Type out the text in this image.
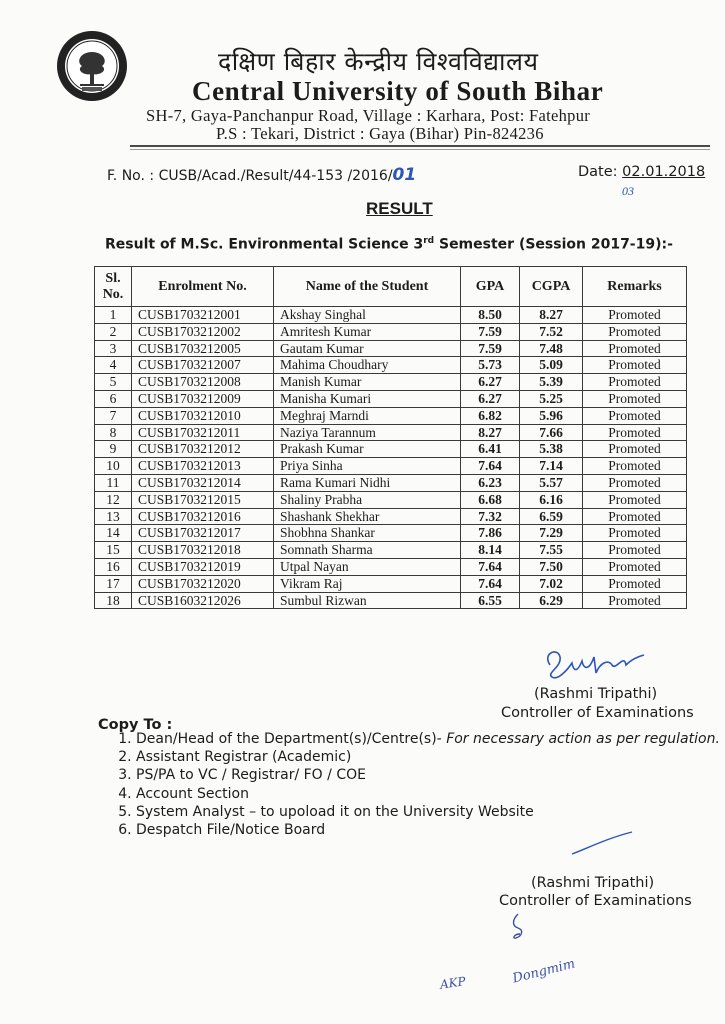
दक्षिण बिहार केन्द्रीय विश्वविद्यालय
Central University of South Bihar
SH-7, Gaya-Panchanpur Road, Village : Karhara, Post: Fatehpur
P.S : Tekari, District : Gaya (Bihar) Pin-824236
F. No. : CUSB/Acad./Result/44-153 /2016/01	Date: 02.01.2018
03
RESULT
Result of M.Sc. Environmental Science 3rd Semester (Session 2017-19):-
Sl. No.	Enrolment No.	Name of the Student	GPA	CGPA	Remarks
1	CUSB1703212001	Akshay Singhal	8.50	8.27	Promoted
2	CUSB1703212002	Amritesh Kumar	7.59	7.52	Promoted
3	CUSB1703212005	Gautam Kumar	7.59	7.48	Promoted
4	CUSB1703212007	Mahima Choudhary	5.73	5.09	Promoted
5	CUSB1703212008	Manish Kumar	6.27	5.39	Promoted
6	CUSB1703212009	Manisha Kumari	6.27	5.25	Promoted
7	CUSB1703212010	Meghraj Marndi	6.82	5.96	Promoted
8	CUSB1703212011	Naziya Tarannum	8.27	7.66	Promoted
9	CUSB1703212012	Prakash Kumar	6.41	5.38	Promoted
10	CUSB1703212013	Priya Sinha	7.64	7.14	Promoted
11	CUSB1703212014	Rama Kumari Nidhi	6.23	5.57	Promoted
12	CUSB1703212015	Shaliny Prabha	6.68	6.16	Promoted
13	CUSB1703212016	Shashank Shekhar	7.32	6.59	Promoted
14	CUSB1703212017	Shobhna Shankar	7.86	7.29	Promoted
15	CUSB1703212018	Somnath Sharma	8.14	7.55	Promoted
16	CUSB1703212019	Utpal Nayan	7.64	7.50	Promoted
17	CUSB1703212020	Vikram Raj	7.64	7.02	Promoted
18	CUSB1603212026	Sumbul Rizwan	6.55	6.29	Promoted
(Rashmi Tripathi)
Controller of Examinations
Copy To :
1. Dean/Head of the Department(s)/Centre(s)- For necessary action as per regulation.
2. Assistant Registrar (Academic)
3. PS/PA to VC / Registrar/ FO / COE
4. Account Section
5. System Analyst – to upoload it on the University Website
6. Despatch File/Notice Board
(Rashmi Tripathi)
Controller of Examinations
AKP	Dongmim
